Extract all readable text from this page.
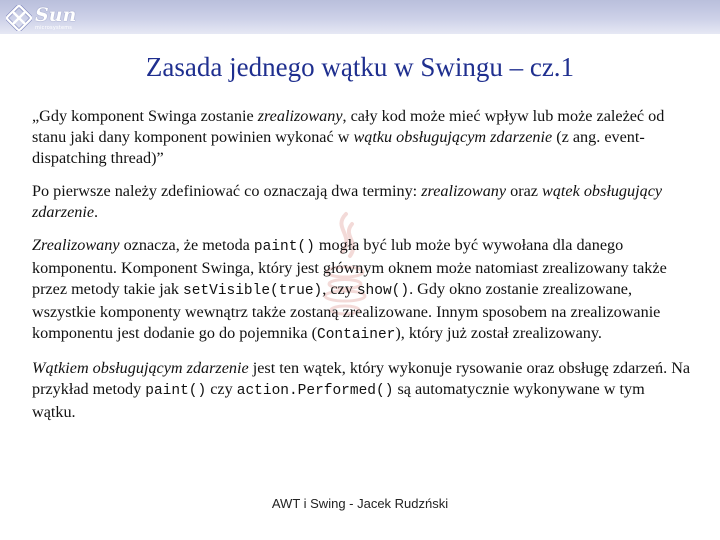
Sun
microsystems
Zasada jednego wątku w Swingu – cz.1

„Gdy komponent Swinga zostanie zrealizowany, cały kod może mieć wpływ lub może zależeć od stanu jaki dany komponent powinien wykonać w wątku obsługującym zdarzenie (z ang. event-dispatching thread)”

Po pierwsze należy zdefiniować co oznaczają dwa terminy: zrealizowany oraz wątek obsługujący zdarzenie.

Zrealizowany oznacza, że metoda paint() mogła być lub może być wywołana dla danego komponentu. Komponent Swinga, który jest głównym oknem może natomiast zrealizowany także przez metody takie jak setVisible(true), czy show(). Gdy okno zostanie zrealizowane, wszystkie komponenty wewnątrz także zostaną zrealizowane. Innym sposobem na zrealizowanie komponentu jest dodanie go do pojemnika (Container), który już został zrealizowany.

Wątkiem obsługującym zdarzenie jest ten wątek, który wykonuje rysowanie oraz obsługę zdarzeń. Na przykład metody paint() czy action.Performed() są automatycznie wykonywane w tym wątku.

AWT i Swing - Jacek Rudzński
